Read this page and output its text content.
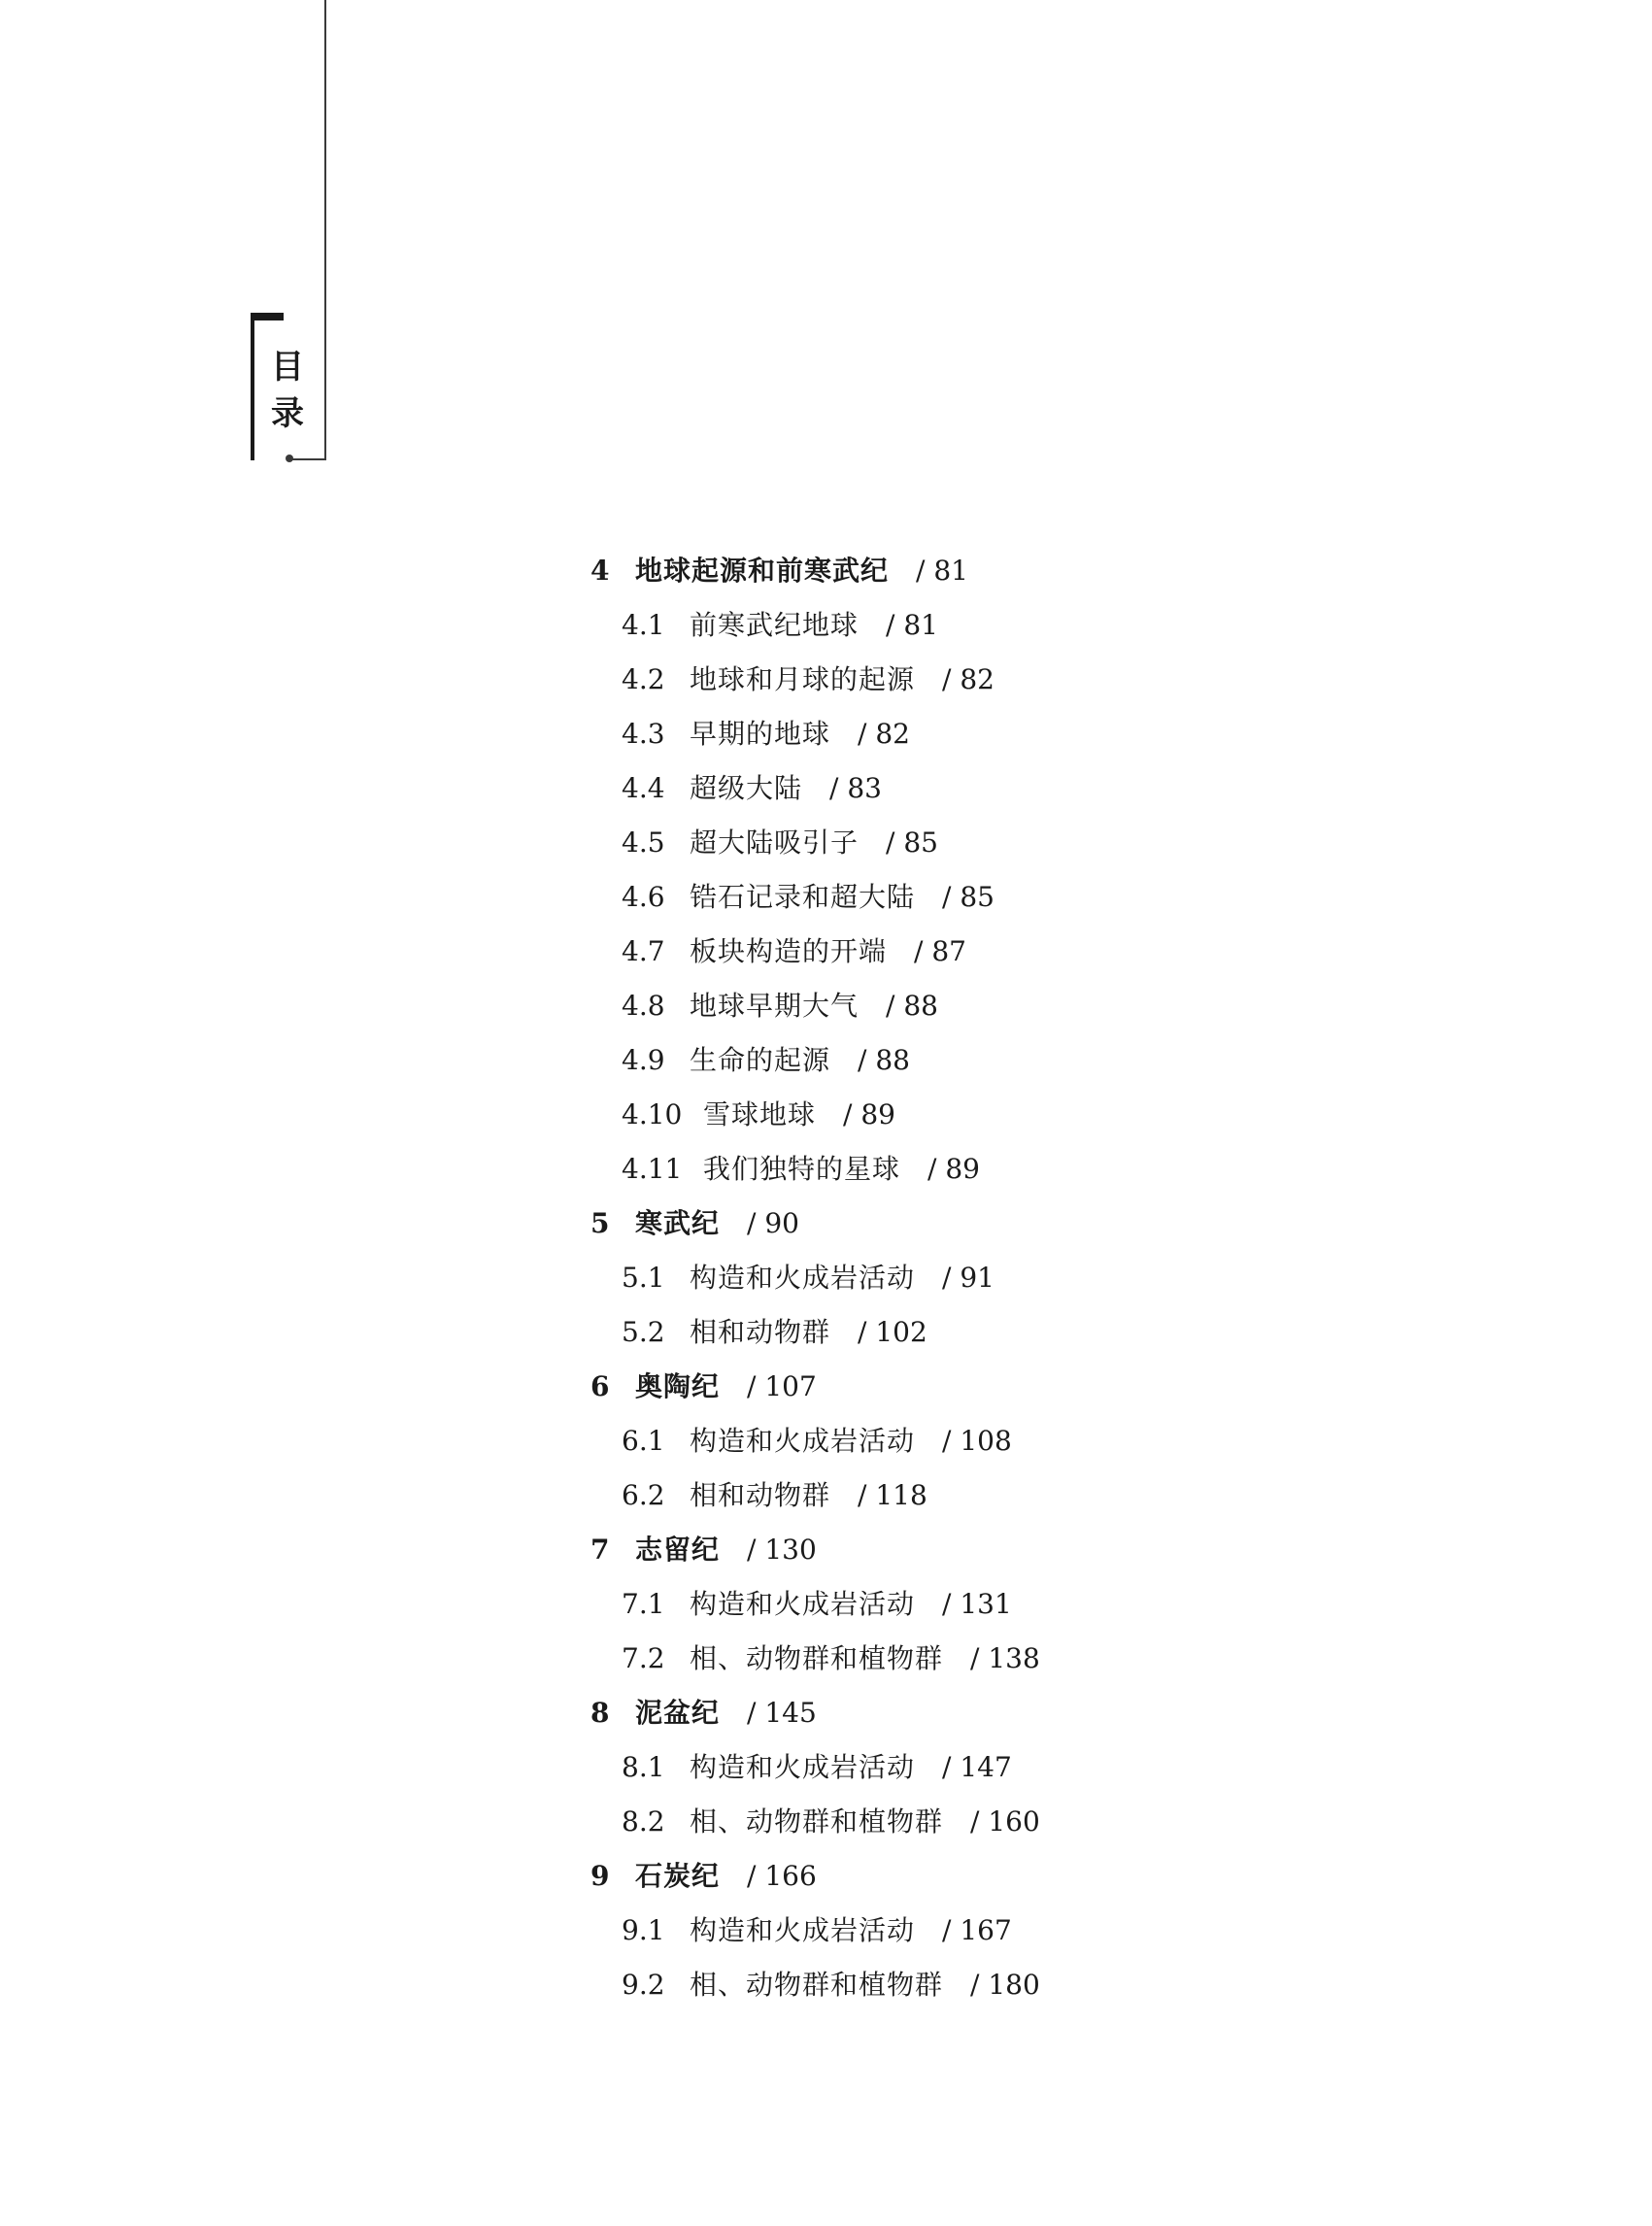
目录
4 地球起源和前寒武纪 / 81
4.1 前寒武纪地球 / 81
4.2 地球和月球的起源 / 82
4.3 早期的地球 / 82
4.4 超级大陆 / 83
4.5 超大陆吸引子 / 85
4.6 锆石记录和超大陆 / 85
4.7 板块构造的开端 / 87
4.8 地球早期大气 / 88
4.9 生命的起源 / 88
4.10 雪球地球 / 89
4.11 我们独特的星球 / 89
5 寒武纪 / 90
5.1 构造和火成岩活动 / 91
5.2 相和动物群 / 102
6 奥陶纪 / 107
6.1 构造和火成岩活动 / 108
6.2 相和动物群 / 118
7 志留纪 / 130
7.1 构造和火成岩活动 / 131
7.2 相、动物群和植物群 / 138
8 泥盆纪 / 145
8.1 构造和火成岩活动 / 147
8.2 相、动物群和植物群 / 160
9 石炭纪 / 166
9.1 构造和火成岩活动 / 167
9.2 相、动物群和植物群 / 180
